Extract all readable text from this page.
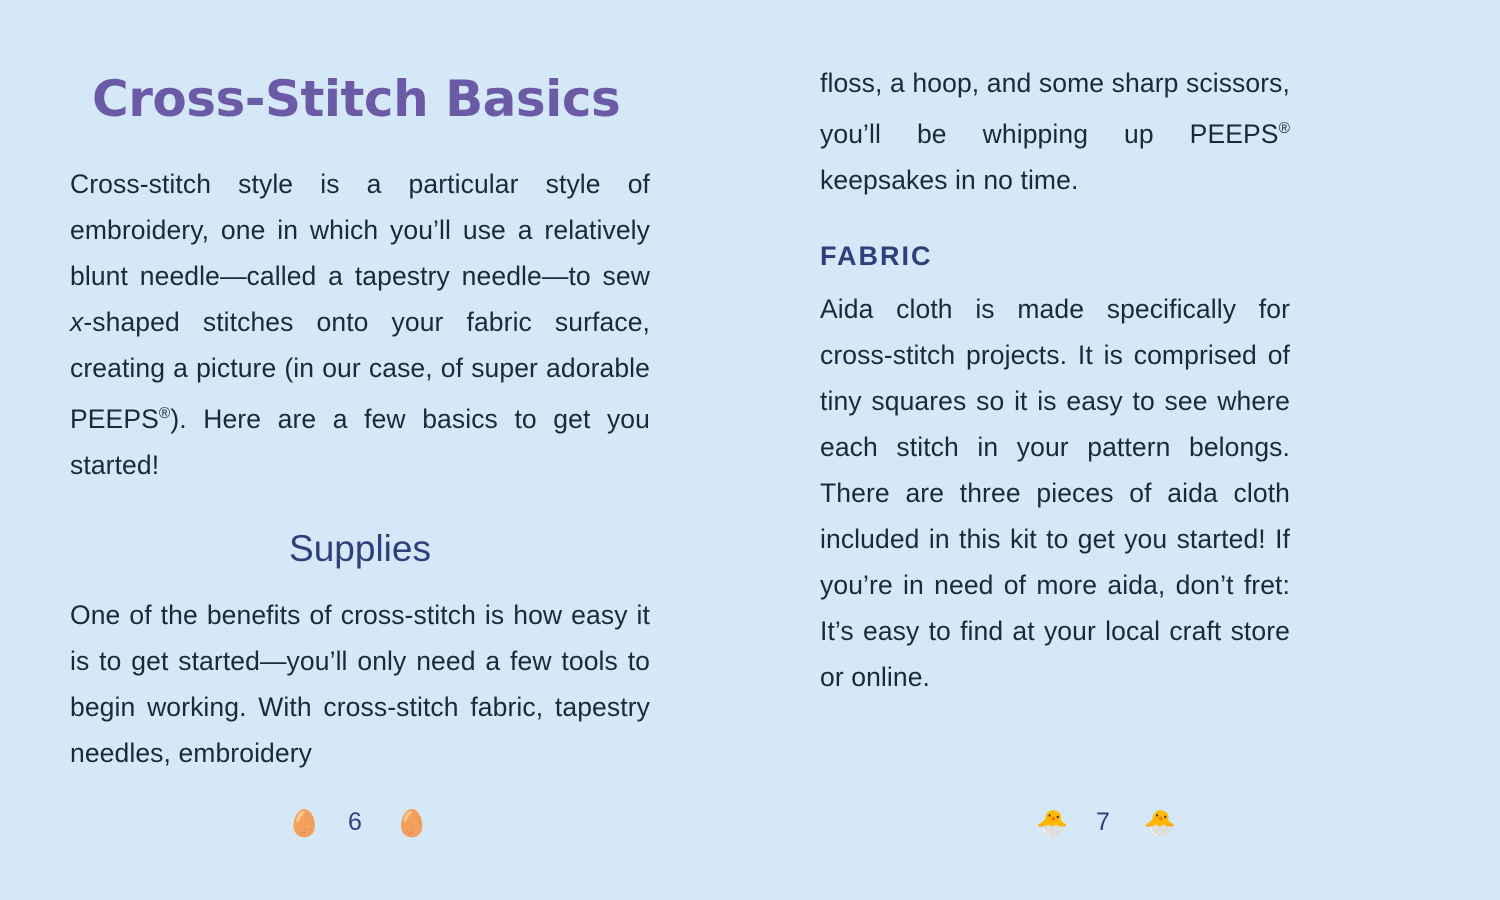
Cross-Stitch Basics

Cross-stitch style is a particular style of embroidery, one in which you’ll use a relatively blunt needle—called a tapestry needle—to sew x-shaped stitches onto your fabric surface, creating a picture (in our case, of super adorable PEEPS®). Here are a few basics to get you started!

Supplies

One of the benefits of cross-stitch is how easy it is to get started—you’ll only need a few tools to begin working. With cross-stitch fabric, tapestry needles, embroidery

floss, a hoop, and some sharp scissors, you’ll be whipping up PEEPS® keepsakes in no time.

FABRIC

Aida cloth is made specifically for cross-stitch projects. It is comprised of tiny squares so it is easy to see where each stitch in your pattern belongs. There are three pieces of aida cloth included in this kit to get you started! If you’re in need of more aida, don’t fret: It’s easy to find at your local craft store or online.

🥚 6 🥚	🐣 7 🐣
